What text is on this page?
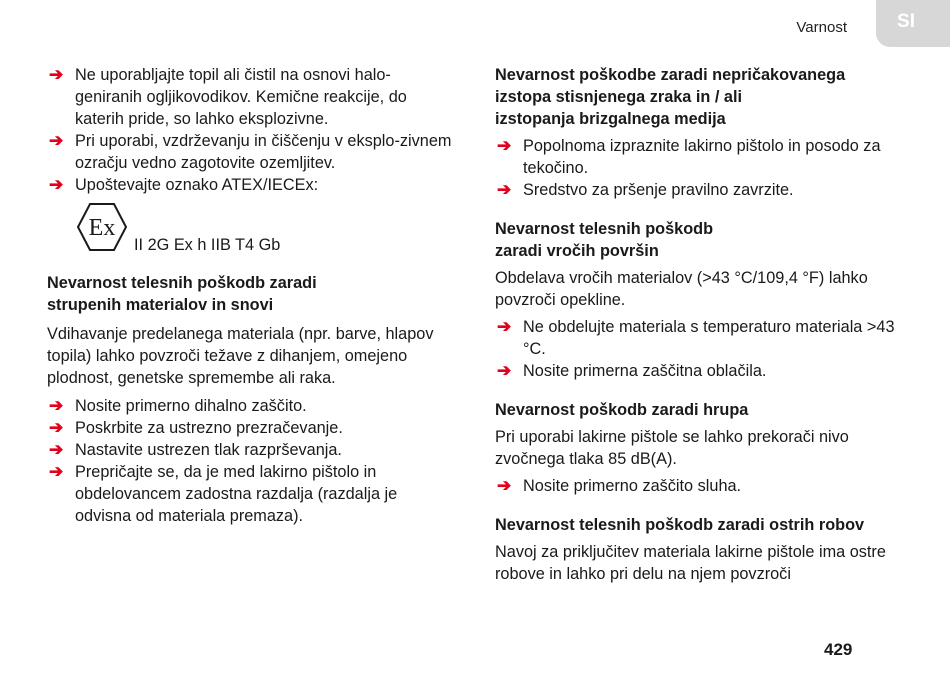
Varnost	SI
➔ Ne uporabljajte topil ali čistil na osnovi halo-geniranih ogljikovodikov. Kemične reakcije, do katerih pride, so lahko eksplozivne.
➔ Pri uporabi, vzdrževanju in čiščenju v eksplo-zivnem ozračju vedno zagotovite ozemljitev.
➔ Upoštevajte oznako ATEX/IECEx:
Ex
II 2G Ex h IIB T4 Gb

Nevarnost telesnih poškodb zaradi
strupenih materialov in snovi

Vdihavanje predelanega materiala (npr. barve, hlapov topila) lahko povzroči težave z dihanjem, omejeno plodnost, genetske spremembe ali raka.

➔ Nosite primerno dihalno zaščito.
➔ Poskrbite za ustrezno prezračevanje.
➔ Nastavite ustrezen tlak razprševanja.
➔ Prepričajte se, da je med lakirno pištolo in obdelovancem zadostna razdalja (razdalja je odvisna od materiala premaza).

Nevarnost poškodbe zaradi nepričakovanega
izstopa stisnjenega zraka in / ali
izstopanja brizgalnega medija

➔ Popolnoma izpraznite lakirno pištolo in posodo za tekočino.
➔ Sredstvo za pršenje pravilno zavrzite.

Nevarnost telesnih poškodb
zaradi vročih površin

Obdelava vročih materialov (>43 °C/109,4 °F) lahko povzroči opekline.

➔ Ne obdelujte materiala s temperaturo materiala >43 °C.
➔ Nosite primerna zaščitna oblačila.

Nevarnost poškodb zaradi hrupa

Pri uporabi lakirne pištole se lahko prekorači nivo zvočnega tlaka 85 dB(A).

➔ Nosite primerno zaščito sluha.

Nevarnost telesnih poškodb zaradi ostrih robov

Navoj za priključitev materiala lakirne pištole ima ostre robove in lahko pri delu na njem povzroči

429
